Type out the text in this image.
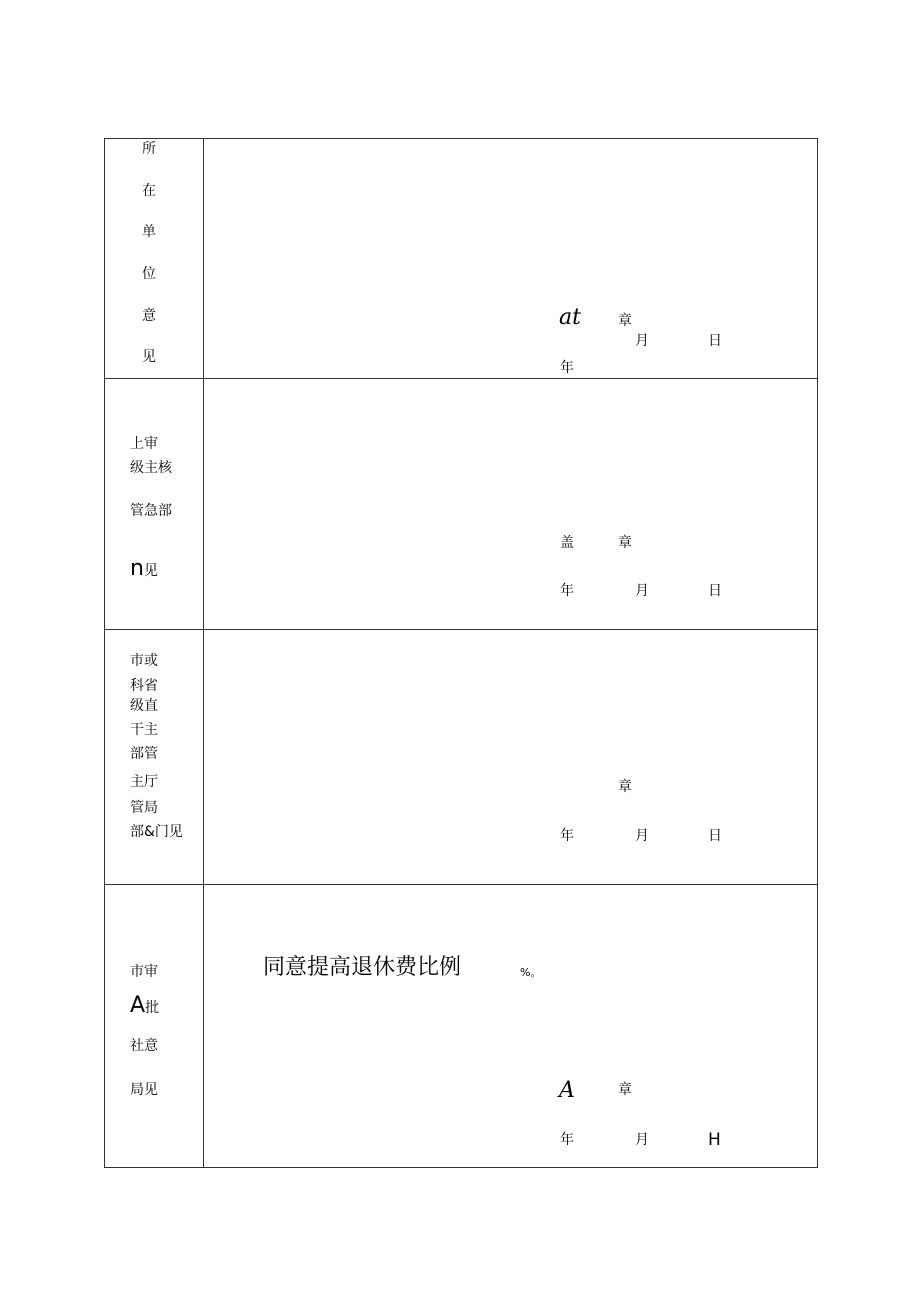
所
在
单
位
意
见
at	章
月	日
年
上审
级主核
管急部
n见
盖	章
年	月	日
市或
科省
级直
干主
部管
主厅
管局
部&门见
章
年	月	日
市审
A批
社意
局见
同意提高退休费比例	%。
A	章
年	月	H
